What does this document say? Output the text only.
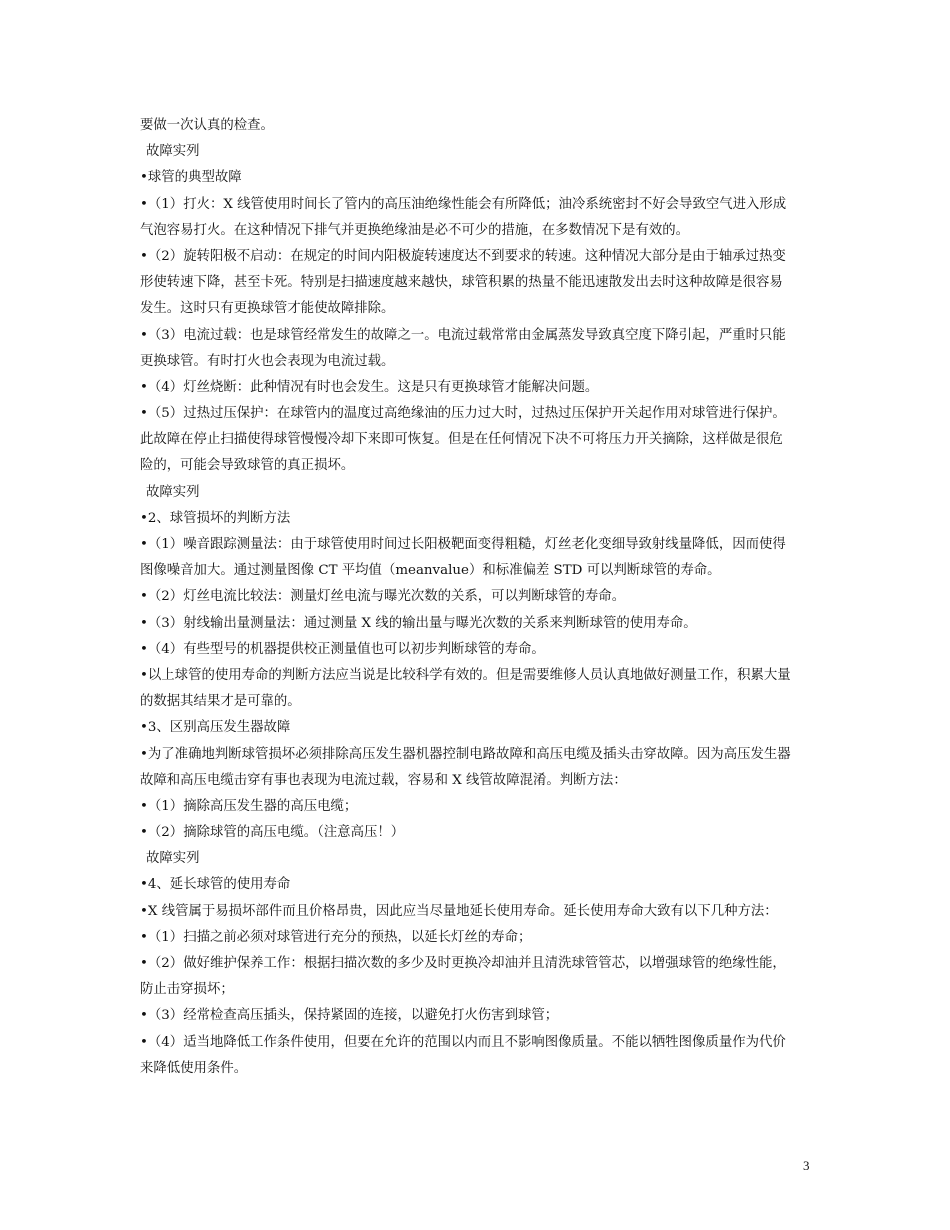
要做一次认真的检查。
故障实列
•球管的典型故障
•（1）打火：X 线管使用时间长了管内的高压油绝缘性能会有所降低；油冷系统密封不好会导致空气进入形成
气泡容易打火。在这种情况下排气并更换绝缘油是必不可少的措施，在多数情况下是有效的。
•（2）旋转阳极不启动：在规定的时间内阳极旋转速度达不到要求的转速。这种情况大部分是由于轴承过热变
形使转速下降，甚至卡死。特别是扫描速度越来越快，球管积累的热量不能迅速散发出去时这种故障是很容易
发生。这时只有更换球管才能使故障排除。
•（3）电流过载：也是球管经常发生的故障之一。电流过载常常由金属蒸发导致真空度下降引起，严重时只能
更换球管。有时打火也会表现为电流过载。
•（4）灯丝烧断：此种情况有时也会发生。这是只有更换球管才能解决问题。
•（5）过热过压保护：在球管内的温度过高绝缘油的压力过大时，过热过压保护开关起作用对球管进行保护。
此故障在停止扫描使得球管慢慢冷却下来即可恢复。但是在任何情况下决不可将压力开关摘除，这样做是很危
险的，可能会导致球管的真正损坏。
故障实列
•2、球管损坏的判断方法
•（1）噪音跟踪测量法：由于球管使用时间过长阳极靶面变得粗糙，灯丝老化变细导致射线量降低，因而使得
图像噪音加大。通过测量图像 CT 平均值（meanvalue）和标准偏差 STD 可以判断球管的寿命。
•（2）灯丝电流比较法：测量灯丝电流与曝光次数的关系，可以判断球管的寿命。
•（3）射线输出量测量法：通过测量 X 线的输出量与曝光次数的关系来判断球管的使用寿命。
•（4）有些型号的机器提供校正测量值也可以初步判断球管的寿命。
•以上球管的使用寿命的判断方法应当说是比较科学有效的。但是需要维修人员认真地做好测量工作，积累大量
的数据其结果才是可靠的。
•3、区别高压发生器故障
•为了准确地判断球管损坏必须排除高压发生器机器控制电路故障和高压电缆及插头击穿故障。因为高压发生器
故障和高压电缆击穿有事也表现为电流过载，容易和 X 线管故障混淆。判断方法：
•（1）摘除高压发生器的高压电缆；
•（2）摘除球管的高压电缆。（注意高压！）
故障实列
•4、延长球管的使用寿命
•X 线管属于易损坏部件而且价格昂贵，因此应当尽量地延长使用寿命。延长使用寿命大致有以下几种方法：
•（1）扫描之前必须对球管进行充分的预热，以延长灯丝的寿命；
•（2）做好维护保养工作：根据扫描次数的多少及时更换冷却油并且清洗球管管芯，以增强球管的绝缘性能，
防止击穿损坏；
•（3）经常检查高压插头，保持紧固的连接，以避免打火伤害到球管；
•（4）适当地降低工作条件使用，但要在允许的范围以内而且不影响图像质量。不能以牺牲图像质量作为代价
来降低使用条件。
3
